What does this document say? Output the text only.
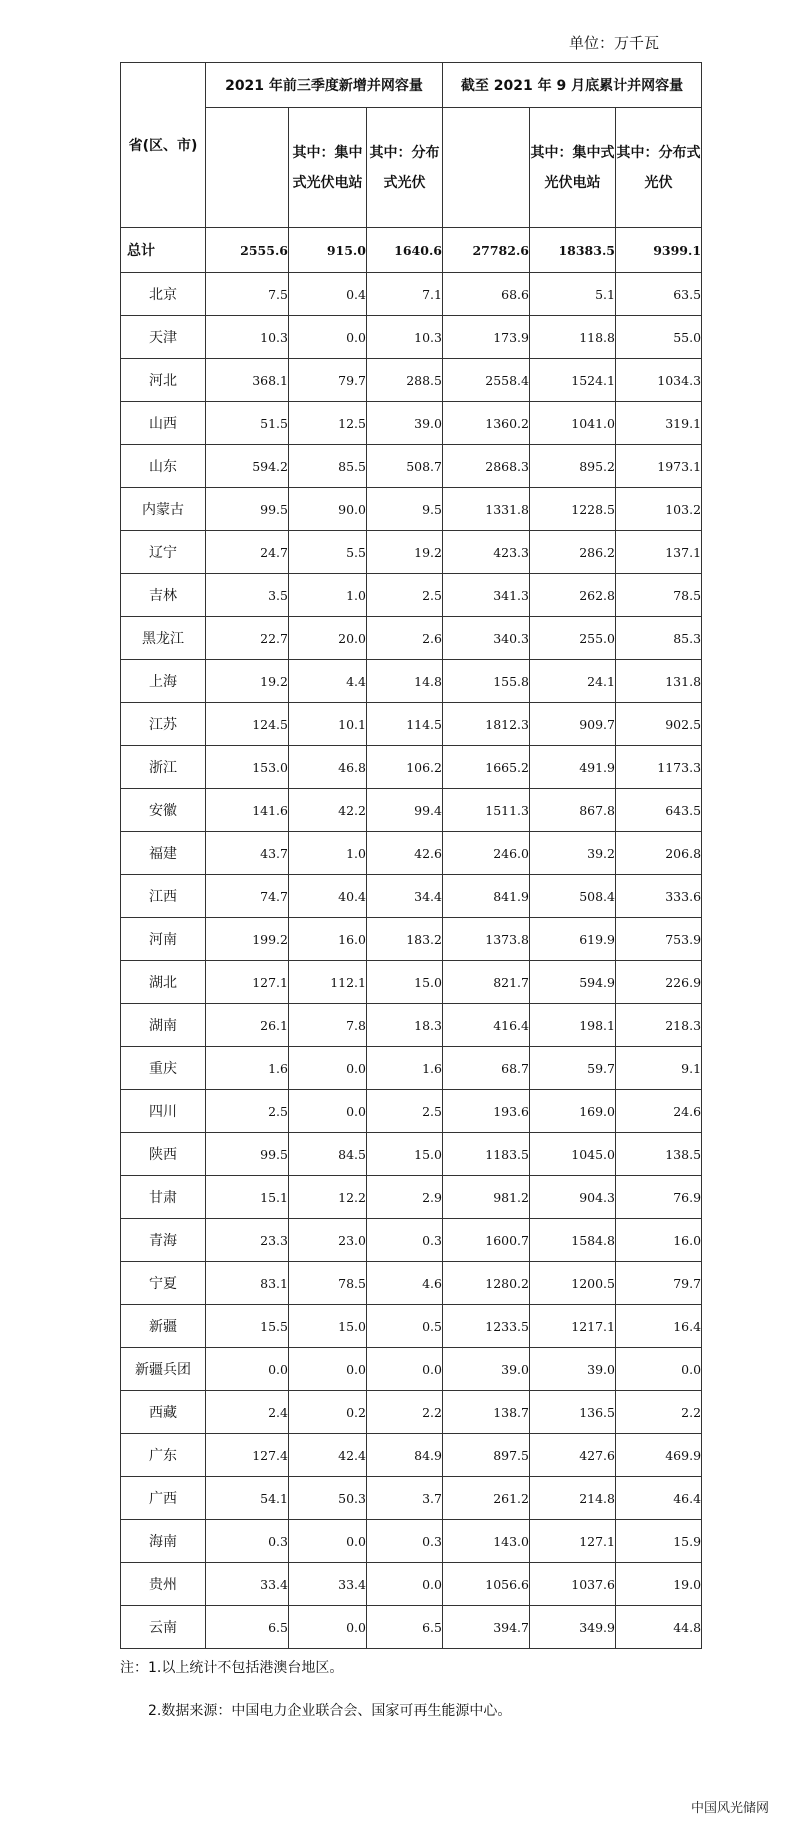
单位：万千瓦
省(区、市)	2021 年前三季度新增并网容量			截至 2021 年 9 月底累计并网容量		
		其中：集中式光伏电站	其中：分布式光伏		其中：集中式光伏电站	其中：分布式光伏
总计	2555.6	915.0	1640.6	27782.6	18383.5	9399.1
北京	7.5	0.4	7.1	68.6	5.1	63.5
天津	10.3	0.0	10.3	173.9	118.8	55.0
河北	368.1	79.7	288.5	2558.4	1524.1	1034.3
山西	51.5	12.5	39.0	1360.2	1041.0	319.1
山东	594.2	85.5	508.7	2868.3	895.2	1973.1
内蒙古	99.5	90.0	9.5	1331.8	1228.5	103.2
辽宁	24.7	5.5	19.2	423.3	286.2	137.1
吉林	3.5	1.0	2.5	341.3	262.8	78.5
黑龙江	22.7	20.0	2.6	340.3	255.0	85.3
上海	19.2	4.4	14.8	155.8	24.1	131.8
江苏	124.5	10.1	114.5	1812.3	909.7	902.5
浙江	153.0	46.8	106.2	1665.2	491.9	1173.3
安徽	141.6	42.2	99.4	1511.3	867.8	643.5
福建	43.7	1.0	42.6	246.0	39.2	206.8
江西	74.7	40.4	34.4	841.9	508.4	333.6
河南	199.2	16.0	183.2	1373.8	619.9	753.9
湖北	127.1	112.1	15.0	821.7	594.9	226.9
湖南	26.1	7.8	18.3	416.4	198.1	218.3
重庆	1.6	0.0	1.6	68.7	59.7	9.1
四川	2.5	0.0	2.5	193.6	169.0	24.6
陕西	99.5	84.5	15.0	1183.5	1045.0	138.5
甘肃	15.1	12.2	2.9	981.2	904.3	76.9
青海	23.3	23.0	0.3	1600.7	1584.8	16.0
宁夏	83.1	78.5	4.6	1280.2	1200.5	79.7
新疆	15.5	15.0	0.5	1233.5	1217.1	16.4
新疆兵团	0.0	0.0	0.0	39.0	39.0	0.0
西藏	2.4	0.2	2.2	138.7	136.5	2.2
广东	127.4	42.4	84.9	897.5	427.6	469.9
广西	54.1	50.3	3.7	261.2	214.8	46.4
海南	0.3	0.0	0.3	143.0	127.1	15.9
贵州	33.4	33.4	0.0	1056.6	1037.6	19.0
云南	6.5	0.0	6.5	394.7	349.9	44.8
注：1.以上统计不包括港澳台地区。
2.数据来源：中国电力企业联合会、国家可再生能源中心。
中国风光储网
